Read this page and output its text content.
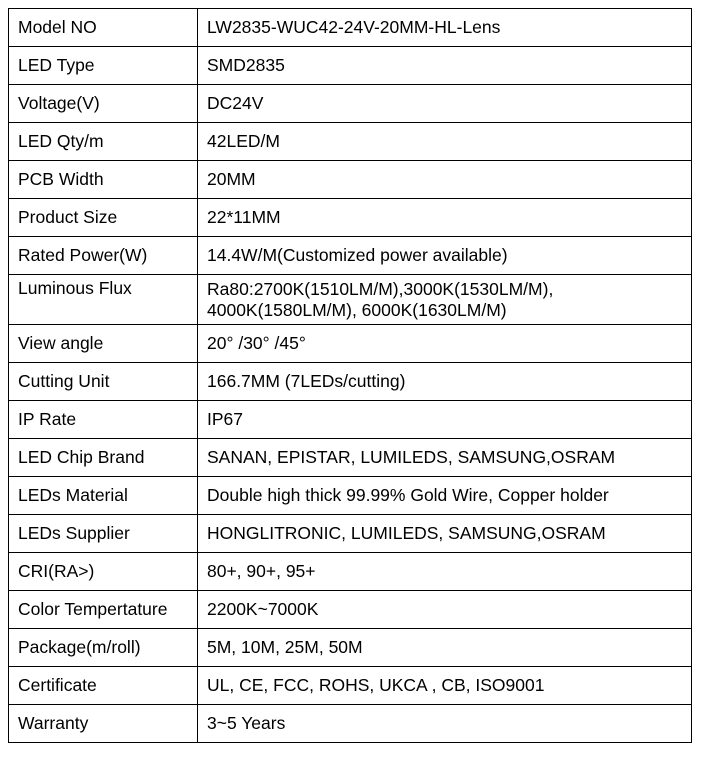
Model NO	LW2835-WUC42-24V-20MM-HL-Lens
LED Type	SMD2835
Voltage(V)	DC24V
LED Qty/m	42LED/M
PCB Width	20MM
Product Size	22*11MM
Rated Power(W)	14.4W/M(Customized power available)
Luminous Flux	Ra80:2700K(1510LM/M),3000K(1530LM/M),
4000K(1580LM/M), 6000K(1630LM/M)

View angle	20° /30° /45°
Cutting Unit	166.7MM (7LEDs/cutting)
IP Rate	IP67
LED Chip Brand	SANAN, EPISTAR, LUMILEDS, SAMSUNG,OSRAM
LEDs Material	Double high thick 99.99% Gold Wire, Copper holder
LEDs Supplier	HONGLITRONIC, LUMILEDS, SAMSUNG,OSRAM
CRI(RA>)	80+, 90+, 95+
Color Tempertature	2200K~7000K
Package(m/roll)	5M, 10M, 25M, 50M
Certificate	UL, CE, FCC, ROHS, UKCA , CB, ISO9001
Warranty	3~5 Years
